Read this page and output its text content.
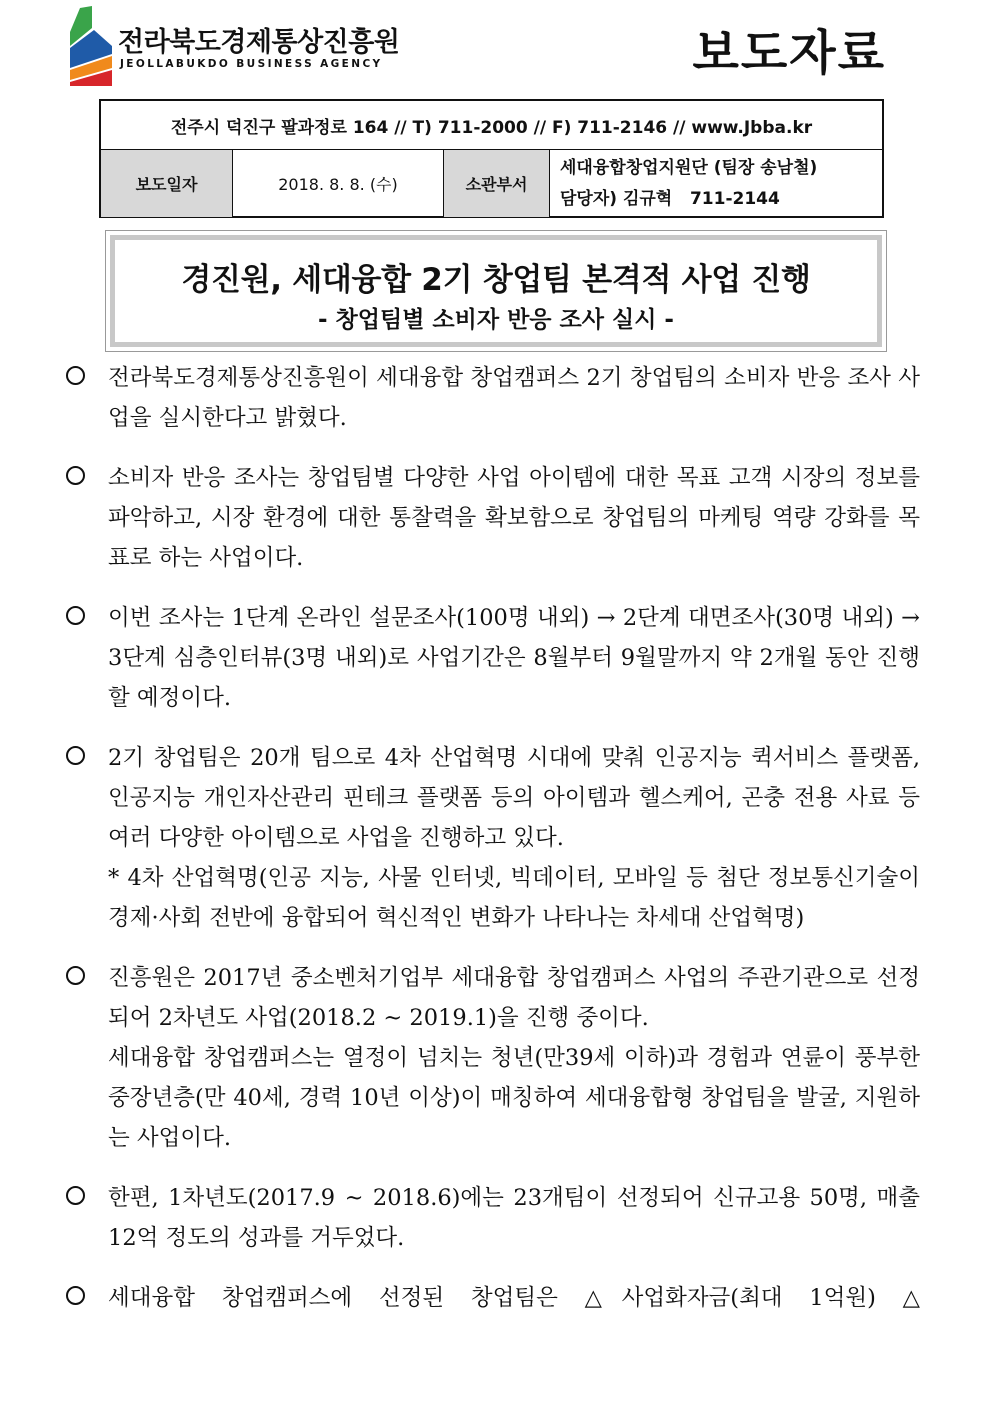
전라북도경제통상진흥원
JEOLLABUKDO BUSINESS AGENCY	보도자료
전주시 덕진구 팔과정로 164 // T) 711-2000 // F) 711-2146 // www.Jbba.kr
보도일자	2018. 8. 8. (수)	소관부서
세대융합창업지원단 (팀장 송남철)
담당자) 김규혁   711-2144
경진원, 세대융합 2기 창업팀 본격적 사업 진행
- 창업팀별 소비자 반응 조사 실시 -

전라북도경제통상진흥원이 세대융합 창업캠퍼스 2기 창업팀의 소비자 반응 조사 사업을 실시한다고 밝혔다.

소비자 반응 조사는 창업팀별 다양한 사업 아이템에 대한 목표 고객 시장의 정보를 파악하고, 시장 환경에 대한 통찰력을 확보함으로 창업팀의 마케팅 역량 강화를 목표로 하는 사업이다.

이번 조사는 1단계 온라인 설문조사(100명 내외) → 2단계 대면조사(30명 내외) → 3단계 심층인터뷰(3명 내외)로 사업기간은 8월부터 9월말까지 약 2개월 동안 진행할 예정이다.

2기 창업팀은 20개 팀으로 4차 산업혁명 시대에 맞춰 인공지능 퀵서비스 플랫폼, 인공지능 개인자산관리 핀테크 플랫폼 등의 아이템과 헬스케어, 곤충 전용 사료 등 여러 다양한 아이템으로 사업을 진행하고 있다.

* 4차 산업혁명(인공 지능, 사물 인터넷, 빅데이터, 모바일 등 첨단 정보통신기술이 경제·사회 전반에 융합되어 혁신적인 변화가 나타나는 차세대 산업혁명)

진흥원은 2017년 중소벤처기업부 세대융합 창업캠퍼스 사업의 주관기관으로 선정되어 2차년도 사업(2018.2 ~ 2019.1)을 진행 중이다.

세대융합 창업캠퍼스는 열정이 넘치는 청년(만39세 이하)과 경험과 연륜이 풍부한 중장년층(만 40세, 경력 10년 이상)이 매칭하여 세대융합형 창업팀을 발굴, 지원하는 사업이다.

한편, 1차년도(2017.9 ~ 2018.6)에는 23개팀이 선정되어 신규고용 50명, 매출 12억 정도의 성과를 거두었다.

세대융합 창업캠퍼스에 선정된 창업팀은 △사업화자금(최대 1억원) △
